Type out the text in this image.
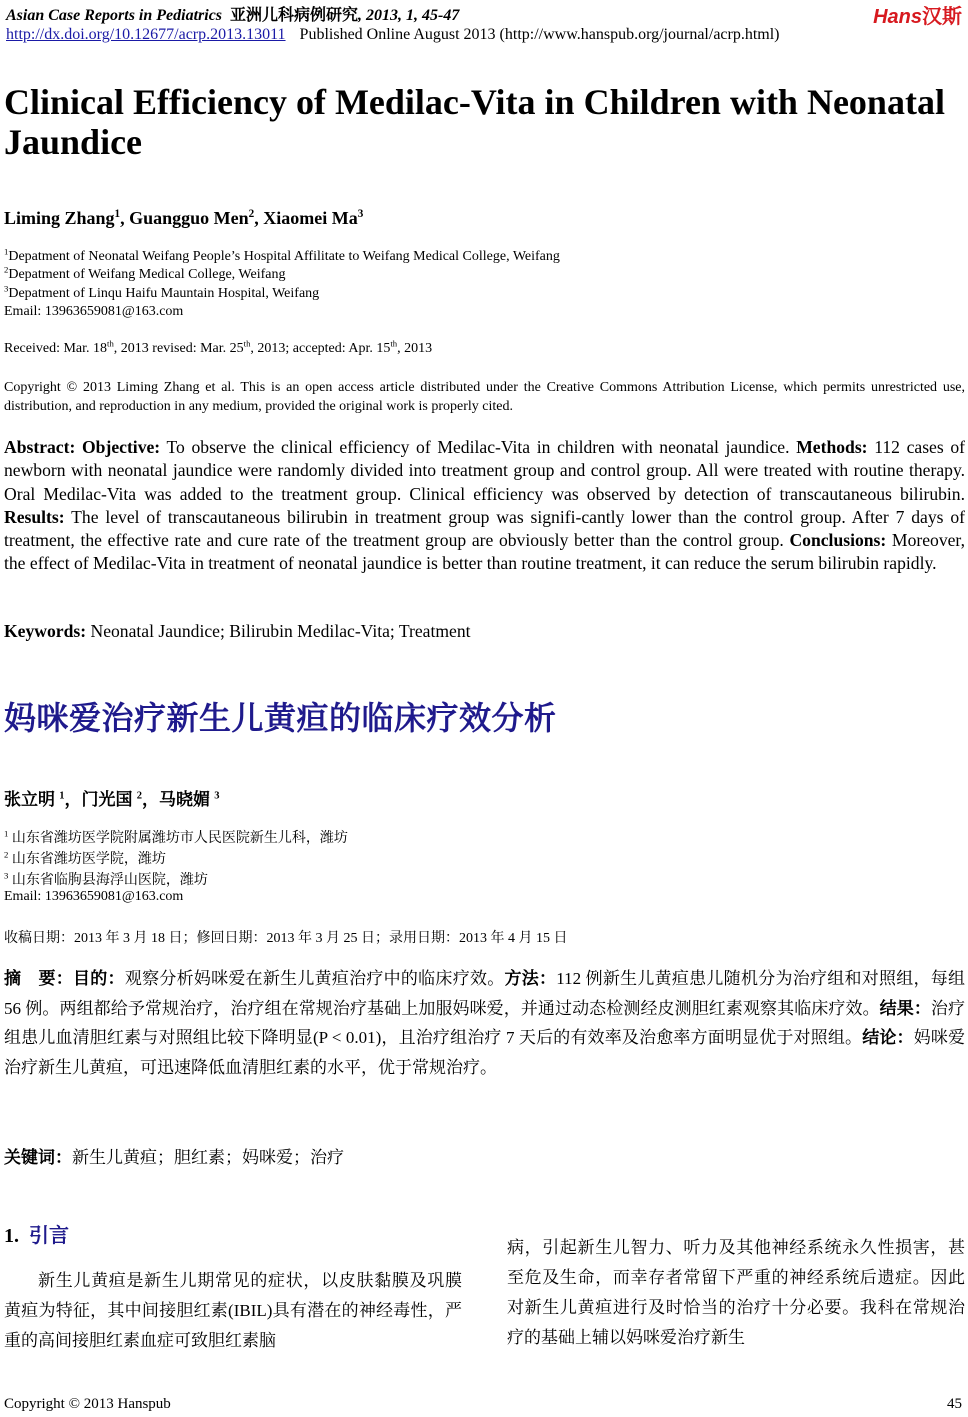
Asian Case Reports in Pediatrics 亚洲儿科病例研究, 2013, 1, 45-47
http://dx.doi.org/10.12677/acrp.2013.13011 Published Online August 2013 (http://www.hanspub.org/journal/acrp.html)
Hans汉斯
Clinical Efficiency of Medilac-Vita in Children with Neonatal Jaundice
Liming Zhang$^1$, Guangguo Men$^2$, Xiaomei Ma$^3$
$^1$Depatment of Neonatal Weifang People’s Hospital Affilitate to Weifang Medical College, Weifang
$^2$Depatment of Weifang Medical College, Weifang
$^3$Depatment of Linqu Haifu Mauntain Hospital, Weifang
Email: 13963659081@163.com
Received: Mar. 18th, 2013 revised: Mar. 25th, 2013; accepted: Apr. 15th, 2013
Copyright © 2013 Liming Zhang et al. This is an open access article distributed under the Creative Commons Attribution License, which permits unrestricted use, distribution, and reproduction in any medium, provided the original work is properly cited.

Abstract: Objective: To observe the clinical efficiency of Medilac-Vita in children with neonatal jaundice. Methods: 112 cases of newborn with neonatal jaundice were randomly divided into treatment group and control group. All were treated with routine therapy. Oral Medilac-Vita was added to the treatment group. Clinical efficiency was observed by detection of transcautaneous bilirubin. Results: The level of transcautaneous bilirubin in treatment group was signifi-cantly lower than the control group. After 7 days of treatment, the effective rate and cure rate of the treatment group are obviously better than the control group. Conclusions: Moreover, the effect of Medilac-Vita in treatment of neonatal jaundice is better than routine treatment, it can reduce the serum bilirubin rapidly.

Keywords: Neonatal Jaundice; Bilirubin Medilac-Vita; Treatment
妈咪爱治疗新生儿黄疸的临床疗效分析
张立明 $^1$，门光国 $^2$，马晓媚 $^3$
$^1$ 山东省潍坊医学院附属潍坊市人民医院新生儿科，潍坊
$^2$ 山东省潍坊医学院，潍坊
$^3$ 山东省临朐县海浮山医院，潍坊
Email: 13963659081@163.com
收稿日期：2013 年 3 月 18 日；修回日期：2013 年 3 月 25 日；录用日期：2013 年 4 月 15 日

摘　要：目的：观察分析妈咪爱在新生儿黄疸治疗中的临床疗效。方法：112 例新生儿黄疸患儿随机分为治疗组和对照组，每组 56 例。两组都给予常规治疗，治疗组在常规治疗基础上加服妈咪爱，并通过动态检测经皮测胆红素观察其临床疗效。结果：治疗组患儿血清胆红素与对照组比较下降明显(P < 0.01)，且治疗组治疗 7 天后的有效率及治愈率方面明显优于对照组。结论：妈咪爱治疗新生儿黄疸，可迅速降低血清胆红素的水平，优于常规治疗。

关键词：新生儿黄疸；胆红素；妈咪爱；治疗
1. 引言

新生儿黄疸是新生儿期常见的症状，以皮肤黏膜及巩膜黄疸为特征，其中间接胆红素(IBIL)具有潜在的神经毒性，严重的高间接胆红素血症可致胆红素脑

病，引起新生儿智力、听力及其他神经系统永久性损害，甚至危及生命，而幸存者常留下严重的神经系统后遗症。因此对新生儿黄疸进行及时恰当的治疗十分必要。我科在常规治疗的基础上辅以妈咪爱治疗新生

Copyright © 2013 Hanspub	45
